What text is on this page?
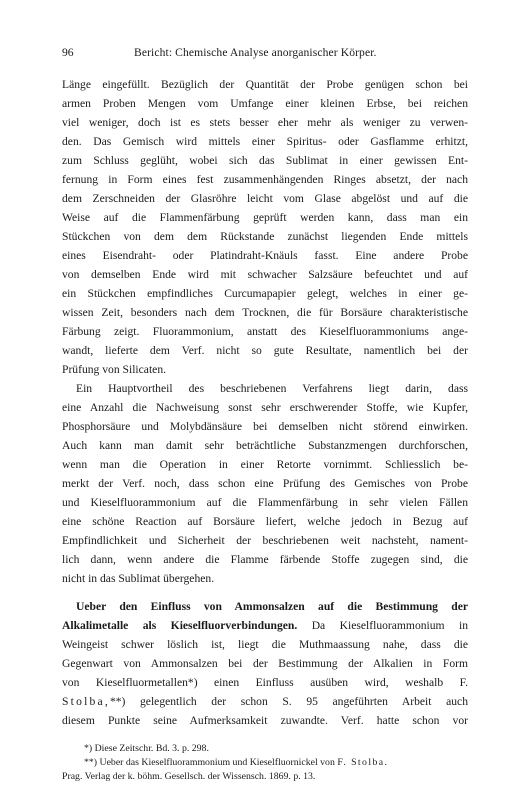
96	Bericht: Chemische Analyse anorganischer Körper.
Länge eingefüllt. Bezüglich der Quantität der Probe genügen schon bei
armen Proben Mengen vom Umfange einer kleinen Erbse, bei reichen
viel weniger, doch ist es stets besser eher mehr als weniger zu verwen-
den. Das Gemisch wird mittels einer Spiritus- oder Gasflamme erhitzt,
zum Schluss geglüht, wobei sich das Sublimat in einer gewissen Ent-
fernung in Form eines fest zusammenhängenden Ringes absetzt, der nach
dem Zerschneiden der Glasröhre leicht vom Glase abgelöst und auf die
Weise auf die Flammenfärbung geprüft werden kann, dass man ein
Stückchen von dem dem Rückstande zunächst liegenden Ende mittels
eines Eisendraht- oder Platindraht-Knäuls fasst. Eine andere Probe
von demselben Ende wird mit schwacher Salzsäure befeuchtet und auf
ein Stückchen empfindliches Curcumapapier gelegt, welches in einer ge-
wissen Zeit, besonders nach dem Trocknen, die für Borsäure charakteristische
Färbung zeigt. Fluorammonium, anstatt des Kieselfluorammoniums ange-
wandt, lieferte dem Verf. nicht so gute Resultate, namentlich bei der
Prüfung von Silicaten.
Ein Hauptvortheil des beschriebenen Verfahrens liegt darin, dass
eine Anzahl die Nachweisung sonst sehr erschwerender Stoffe, wie Kupfer,
Phosphorsäure und Molybdänsäure bei demselben nicht störend einwirken.
Auch kann man damit sehr beträchtliche Substanzmengen durchforschen,
wenn man die Operation in einer Retorte vornimmt. Schliesslich be-
merkt der Verf. noch, dass schon eine Prüfung des Gemisches von Probe
und Kieselfluorammonium auf die Flammenfärbung in sehr vielen Fällen
eine schöne Reaction auf Borsäure liefert, welche jedoch in Bezug auf
Empfindlichkeit und Sicherheit der beschriebenen weit nachsteht, nament-
lich dann, wenn andere die Flamme färbende Stoffe zugegen sind, die
nicht in das Sublimat übergehen.
Ueber den Einfluss von Ammonsalzen auf die Bestimmung der
Alkalimetalle als Kieselfluorverbindungen. Da Kieselfluorammonium in
Weingeist schwer löslich ist, liegt die Muthmaassung nahe, dass die
Gegenwart von Ammonsalzen bei der Bestimmung der Alkalien in Form
von Kieselfluormetallen*) einen Einfluss ausüben wird, weshalb F.
Stolba,**) gelegentlich der schon S. 95 angeführten Arbeit auch
diesem Punkte seine Aufmerksamkeit zuwandte. Verf. hatte schon vor
*) Diese Zeitschr. Bd. 3. p. 298.
**) Ueber das Kieselfluorammonium und Kieselfluornickel von F. Stolba.
Prag. Verlag der k. böhm. Gesellsch. der Wissensch. 1869. p. 13.
